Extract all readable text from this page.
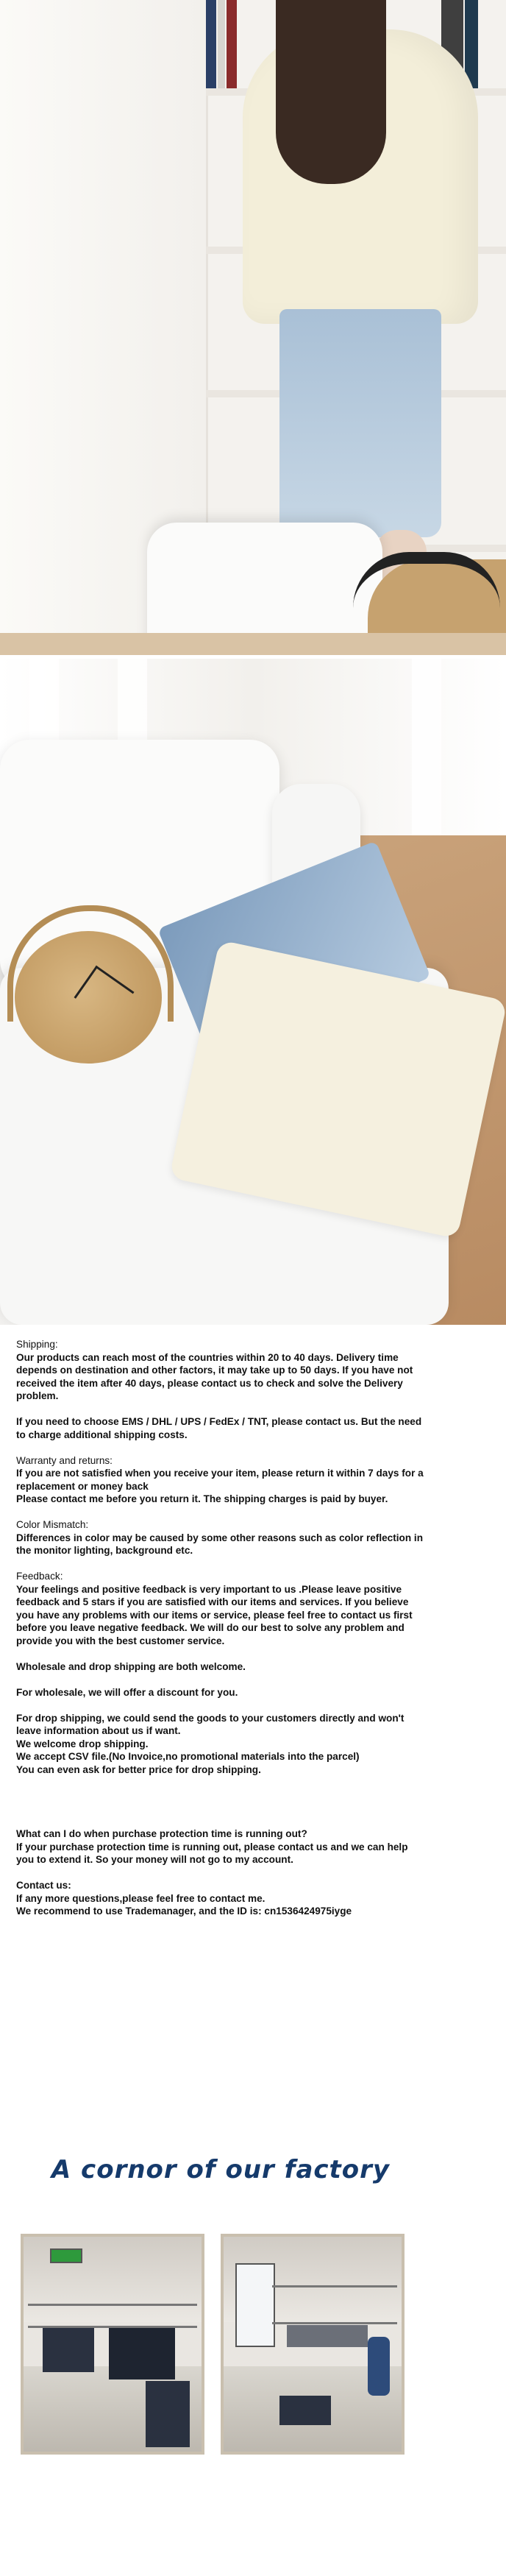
Shipping:

Our products can reach most of the countries within 20 to 40 days. Delivery time depends on destination and other factors, it may take up to 50 days. If you have not received the item after 40 days, please contact us to check and solve the Delivery problem.

If you need to choose EMS / DHL / UPS / FedEx / TNT, please contact us. But the need to charge additional shipping costs.

Warranty and returns:

If you are not satisfied when you receive your item, please return it within 7 days for a replacement or money back

Please contact me before you return it. The shipping charges is paid by buyer.

Color Mismatch:

Differences in color may be caused by some other reasons such as color reflection in the monitor lighting, background etc.

Feedback:

Your feelings and positive feedback is very important to us .Please leave positive feedback and 5 stars if you are satisfied with our items and services. If you believe you have any problems with our items or service, please feel free to contact us first before you leave negative feedback. We will do our best to solve any problem and provide you with the best customer service.

Wholesale and drop shipping are both welcome.

For wholesale, we will offer a discount for you.

For drop shipping, we could send the goods to your customers directly and won't leave information about us if want.

We welcome drop shipping.

We accept CSV file.(No Invoice,no promotional materials into the parcel)

You can even ask for better price for drop shipping.

What can I do when purchase protection time is running out?

If your purchase protection time is running out, please contact us and we can help you to extend it. So your money will not go to my account.

Contact us:

If any more questions,please feel free to contact me.

We recommend to use Trademanager, and the ID is: cn1536424975iyge

A cornor of our factory
